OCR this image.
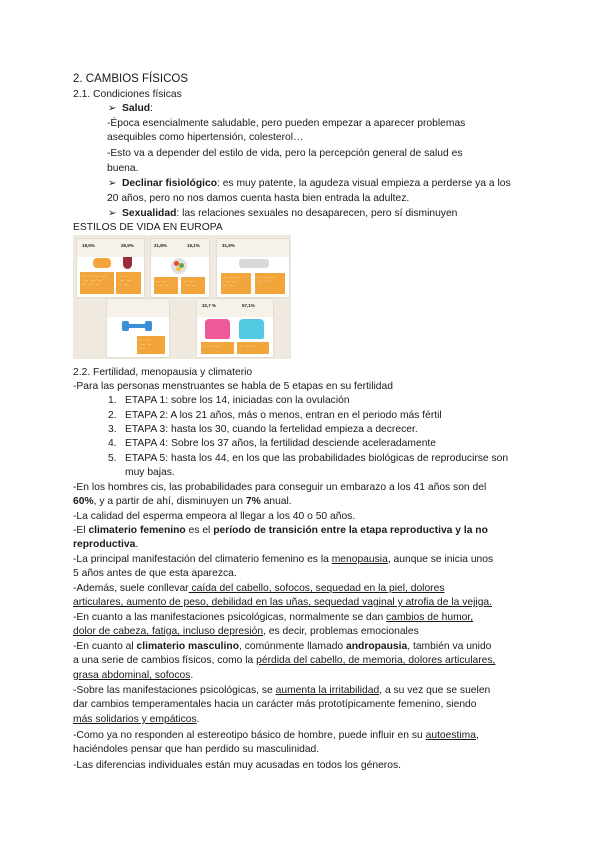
2. CAMBIOS FÍSICOS
2.1. Condiciones físicas
➢ Salud:
-Época esencialmente saludable, pero pueden empezar a aparecer problemas
asequibles como hipertensión, colesterol…
-Esto va a depender del estilo de vida, pero la percepción general de salud es
buena.
➢ Declinar fisiológico: es muy patente, la agudeza visual empieza a perderse ya a los
20 años, pero no nos damos cuenta hasta bien entrada la adultez.
➢ Sexualidad: las relaciones sexuales no desaparecen, pero sí disminuyen
ESTILOS DE VIDA EN EUROPA
18,5%	26,5%
— · — · — · —
· — · — · — ·
— · — · —
— · — ·
· — · —
— · —
21,8%	15,1%
— · — ·
· — · —
— · — ·
· — · —
31,5%
— · — · —
· — · — ·
— · —
— · — · —
· — · — ·
— · — ·
· — · —
— ·
32,7 %	57,1%
— · — · —	— · — · —
2.2. Fertilidad, menopausia y climaterio
-Para las personas menstruantes se habla de 5 etapas en su fertilidad
1. ETAPA 1: sobre los 14, iniciadas con la ovulación
2. ETAPA 2: A los 21 años, más o menos, entran en el periodo más fértil
3. ETAPA 3: hasta los 30, cuando la fertelidad empieza a decrecer.
4. ETAPA 4: Sobre los 37 años, la fertilidad desciende aceleradamente
5. ETAPA 5: hasta los 44, en los que las probabilidades biológicas de reproducirse son
muy bajas.
-En los hombres cis, las probabilidades para conseguir un embarazo a los 41 años son del
60%, y a partir de ahí, disminuyen un 7% anual.
-La calidad del esperma empeora al llegar a los 40 o 50 años.
-El climaterio femenino es el período de transición entre la etapa reproductiva y la no
reproductiva.
-La principal manifestación del climaterio femenino es la menopausia, aunque se inicia unos
5 años antes de que esta aparezca.
-Además, suele conllevar caída del cabello, sofocos, sequedad en la piel, dolores
articulares, aumento de peso, debilidad en las uñas, sequedad vaginal y atrofia de la vejiga.
-En cuanto a las manifestaciones psicológicas, normalmente se dan cambios de humor,
dolor de cabeza, fatiga, incluso depresión, es decir, problemas emocionales
-En cuanto al climaterio masculino, comúnmente llamado andropausia, también va unido
a una serie de cambios físicos, como la pérdida del cabello, de memoria, dolores articulares,
grasa abdominal, sofocos.
-Sobre las manifestaciones psicológicas, se aumenta la irritabilidad, a su vez que se suelen
dar cambios temperamentales hacia un carácter más prototípicamente femenino, siendo
más solidarios y empáticos.
-Como ya no responden al estereotipo básico de hombre, puede influir en su autoestima,
haciéndoles pensar que han perdido su masculinidad.
-Las diferencias individuales están muy acusadas en todos los géneros.
